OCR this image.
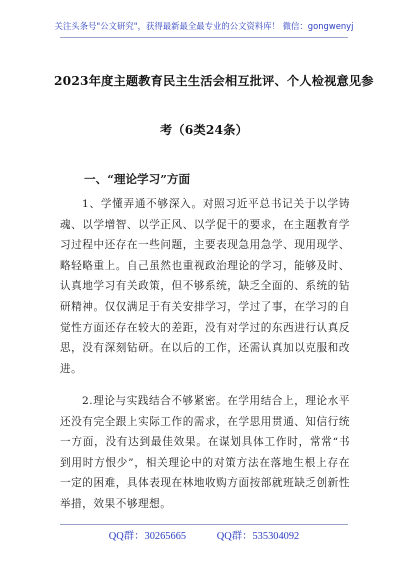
关注头条号"公文研究"，获得最新最全最专业的公文资料库！ 微信：gongwenyj
2023年度主题教育民主生活会相互批评、个人检视意见参
考（6类24条）
一、“理论学习”方面
1、学懂弄通不够深入。对照习近平总书记关于以学铸魂、以学增智、以学正风、以学促干的要求，在主题教育学习过程中还存在一些问题，主要表现急用急学、现用现学、略轻略重上。自己虽然也重视政治理论的学习，能够及时、认真地学习有关政策，但不够系统，缺乏全面的、系统的钻研精神。仅仅满足于有关安排学习，学过了事，在学习的自觉性方面还存在较大的差距，没有对学过的东西进行认真反思，没有深刻钻研。在以后的工作，还需认真加以克服和改进。
2.理论与实践结合不够紧密。在学用结合上，理论水平还没有完全跟上实际工作的需求，在学思用贯通、知信行统一方面，没有达到最佳效果。在谋划具体工作时，常常“书到用时方恨少”，相关理论中的对策方法在落地生根上存在一定的困难，具体表现在林地收购方面按部就班缺乏创新性举措，效果不够理想。
QQ群：30265665	QQ群：535304092
